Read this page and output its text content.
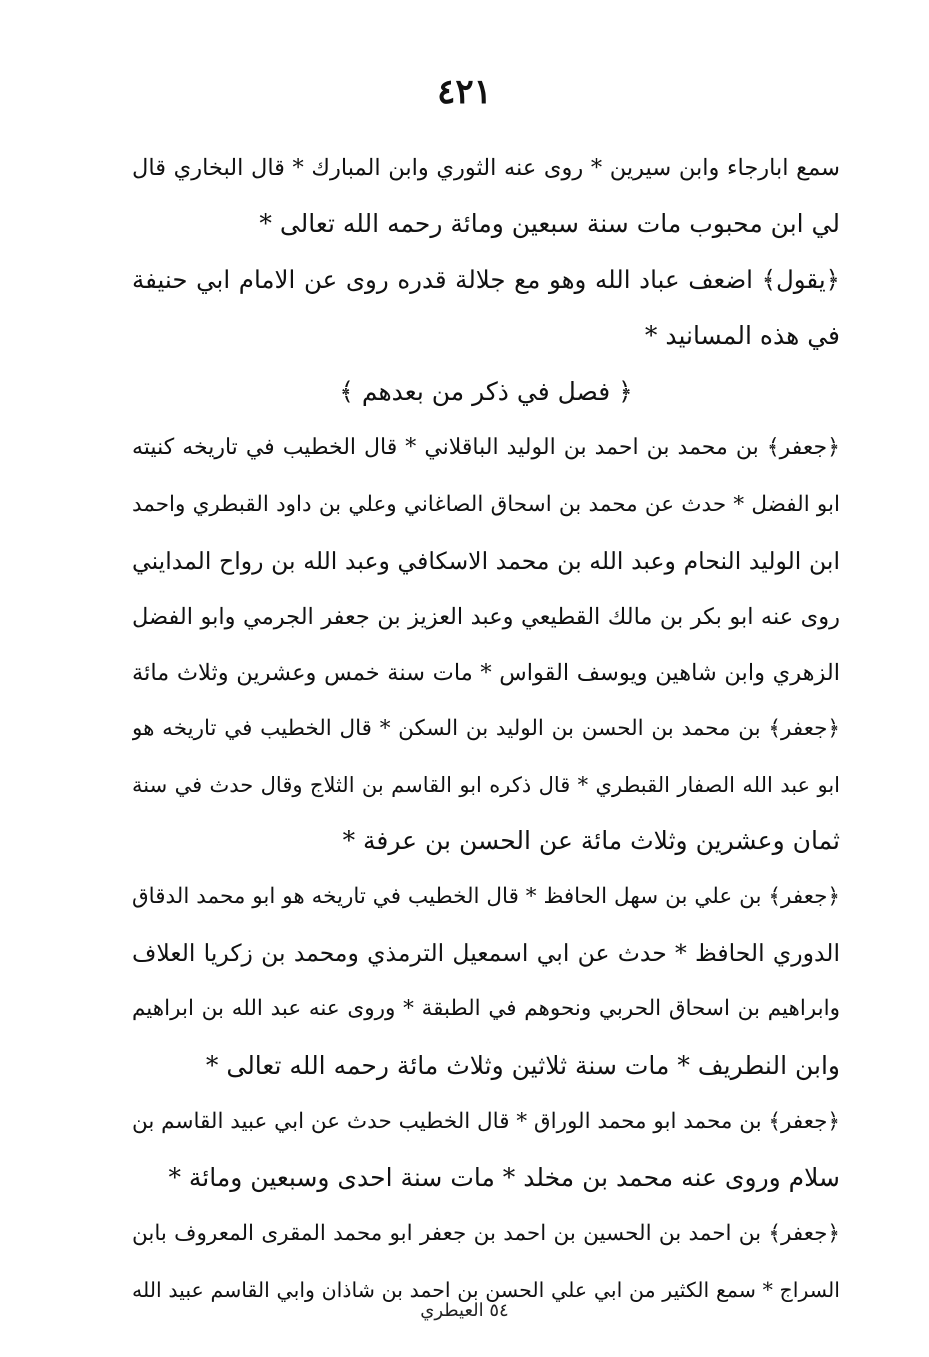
٤٢١
سمع ابارجاء وابن سيرين * روى عنه الثوري وابن المبارك * قال البخاري قال
لي ابن محبوب مات سنة سبعين ومائة رحمه الله تعالى *
﴿يقول﴾ اضعف عباد الله وهو مع جلالة قدره روى عن الامام ابي حنيفة
في هذه المسانيد *
﴿ فصل في ذكر من بعدهم ﴾
﴿جعفر﴾ بن محمد بن احمد بن الوليد الباقلاني * قال الخطيب في تاريخه كنيته
ابو الفضل * حدث عن محمد بن اسحاق الصاغاني وعلي بن داود القبطري واحمد
ابن الوليد النحام وعبد الله بن محمد الاسكافي وعبد الله بن رواح المدايني
روى عنه ابو بكر بن مالك القطيعي وعبد العزيز بن جعفر الجرمي وابو الفضل
الزهري وابن شاهين ويوسف القواس * مات سنة خمس وعشرين وثلاث مائة
﴿جعفر﴾ بن محمد بن الحسن بن الوليد بن السكن * قال الخطيب في تاريخه هو
ابو عبد الله الصفار القبطري * قال ذكره ابو القاسم بن الثلاج وقال حدث في سنة
ثمان وعشرين وثلاث مائة عن الحسن بن عرفة *
﴿جعفر﴾ بن علي بن سهل الحافظ * قال الخطيب في تاريخه هو ابو محمد الدقاق
الدوري الحافظ * حدث عن ابي اسمعيل الترمذي ومحمد بن زكريا العلاف
وابراهيم بن اسحاق الحربي ونحوهم في الطبقة * وروى عنه عبد الله بن ابراهيم
وابن النطريف * مات سنة ثلاثين وثلاث مائة رحمه الله تعالى *
﴿جعفر﴾ بن محمد ابو محمد الوراق * قال الخطيب حدث عن ابي عبيد القاسم بن
سلام وروى عنه محمد بن مخلد * مات سنة احدى وسبعين ومائة *
﴿جعفر﴾ بن احمد بن الحسين بن احمد بن جعفر ابو محمد المقرى المعروف بابن
السراج * سمع الكثير من ابي علي الحسن بن احمد بن شاذان وابي القاسم عبيد الله
٥٤ العيطري
